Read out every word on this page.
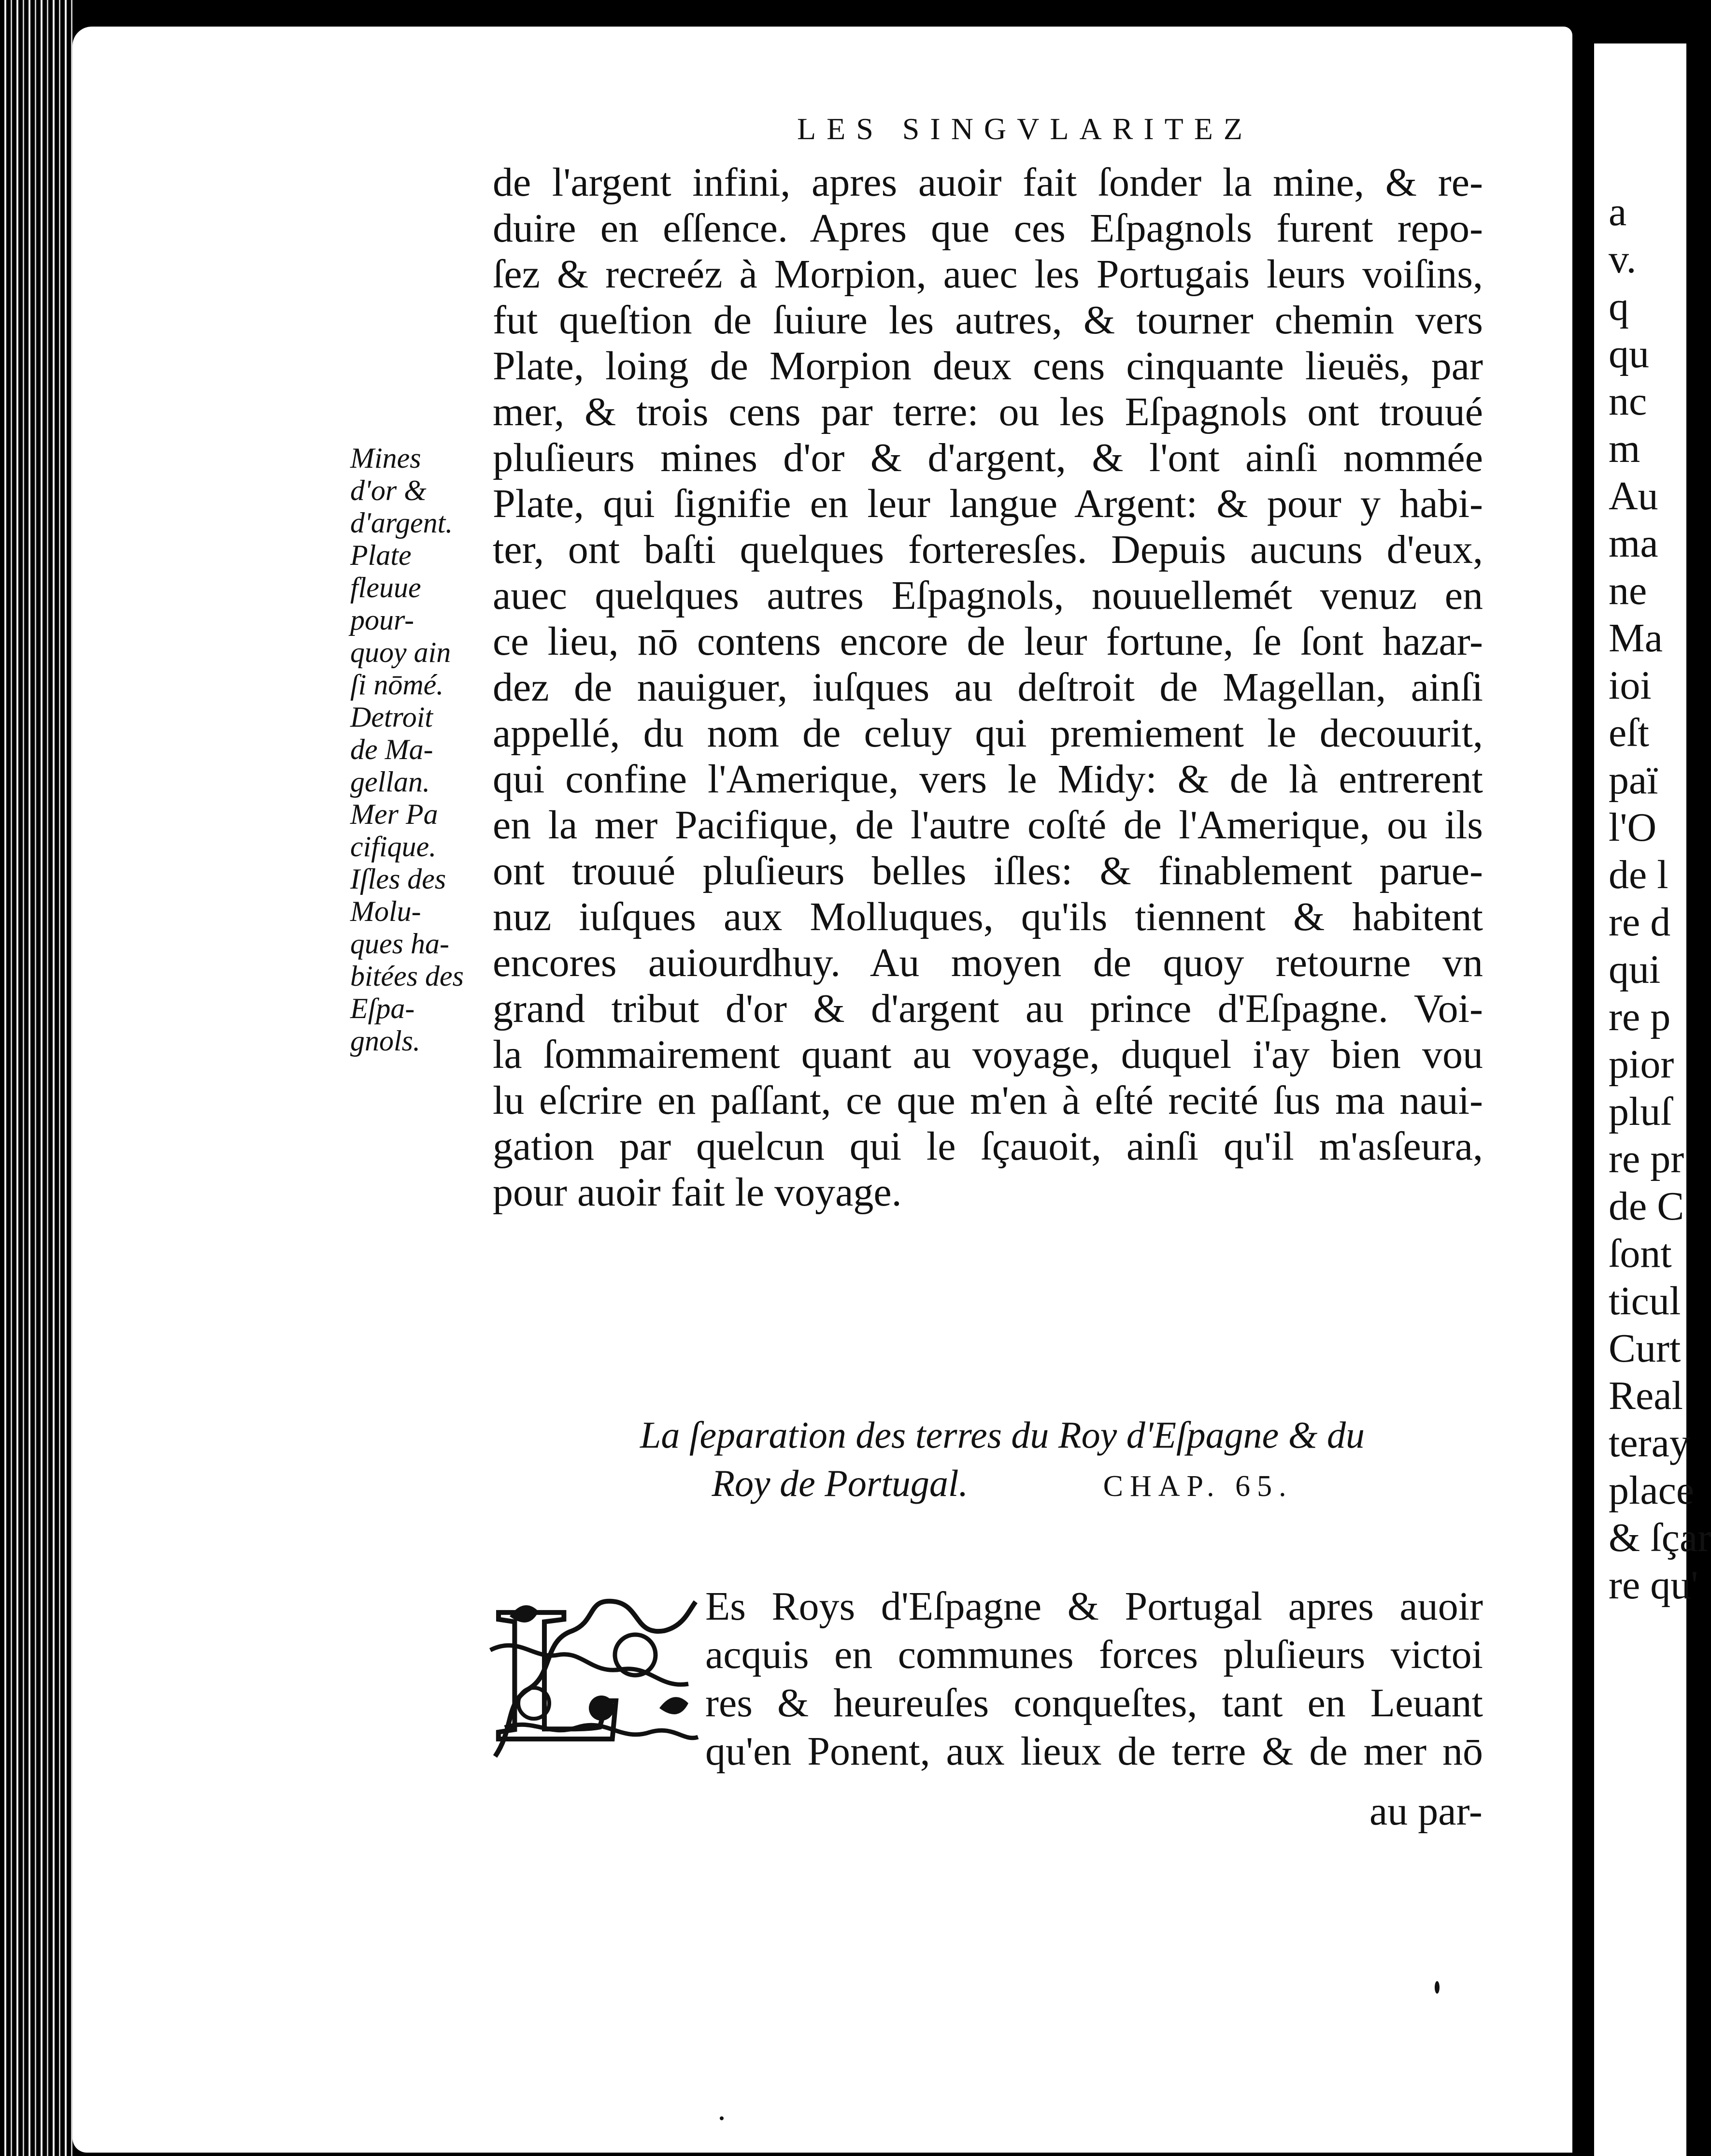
LES SINGVLARITEZ
de l'argent infini, apres auoir fait ſonder la mine, & re-
duire en eſſence. Apres que ces Eſpagnols furent repo-
ſez & recreéz à Morpion, auec les Portugais leurs voiſins,
fut queſtion de ſuiure les autres, & tourner chemin vers
Plate, loing de Morpion deux cens cinquante lieuës, par
mer, & trois cens par terre: ou les Eſpagnols ont trouué
pluſieurs mines d'or & d'argent, & l'ont ainſi nommée
Plate, qui ſignifie en leur langue Argent: & pour y habi-
ter, ont baſti quelques forteresſes. Depuis aucuns d'eux,
auec quelques autres Eſpagnols, nouuellemét venuz en
ce lieu, nō contens encore de leur fortune, ſe ſont hazar-
dez de nauiguer, iuſques au deſtroit de Magellan, ainſi
appellé, du nom de celuy qui premiement le decouurit,
qui confine l'Amerique, vers le Midy: & de là entrerent
en la mer Pacifique, de l'autre coſté de l'Amerique, ou ils
ont trouué pluſieurs belles iſles: & finablement parue-
nuz iuſques aux Molluques, qu'ils tiennent & habitent
encores auiourdhuy. Au moyen de quoy retourne vn
grand tribut d'or & d'argent au prince d'Eſpagne. Voi-
la ſommairement quant au voyage, duquel i'ay bien vou
lu eſcrire en paſſant, ce que m'en à eſté recité ſus ma naui-
gation par quelcun qui le ſçauoit, ainſi qu'il m'asſeura,
pour auoir fait le voyage.
Mines
d'or &
d'argent.
Plate
fleuue
pour-
quoy ain
ſi nōmé.
Detroit
de Ma-
gellan.
Mer Pa
cifique.
Iſles des
Molu-
ques ha-
bitées des
Eſpa-
gnols.
La ſeparation des terres du Roy d'Eſpagne & du
Roy de Portugal.	CHAP. 65.
L Es Roys d'Eſpagne & Portugal apres auoir
acquis en communes forces pluſieurs victoi
res & heureuſes conqueſtes, tant en Leuant
qu'en Ponent, aux lieux de terre & de mer nō
au par-
a
v.
q
qu
nc
m
Au
ma
ne
Ma
ioi
eſt
paï
l'O
de l
re d
qui
re p
pior
pluſ
re pr
de C
ſont
ticul
Curt
Real
teray
place
& ſçar
re qu'
